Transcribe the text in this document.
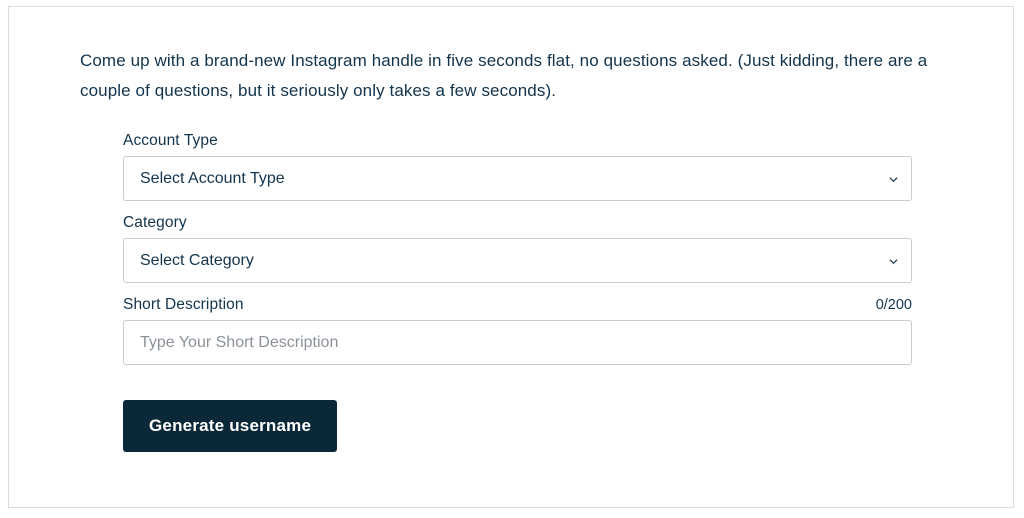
Come up with a brand-new Instagram handle in five seconds flat, no questions asked. (Just kidding, there are a couple of questions, but it seriously only takes a few seconds).

Account Type
Select Account Type
Category
Select Category
Short Description	0/200
Type Your Short Description
Generate username
